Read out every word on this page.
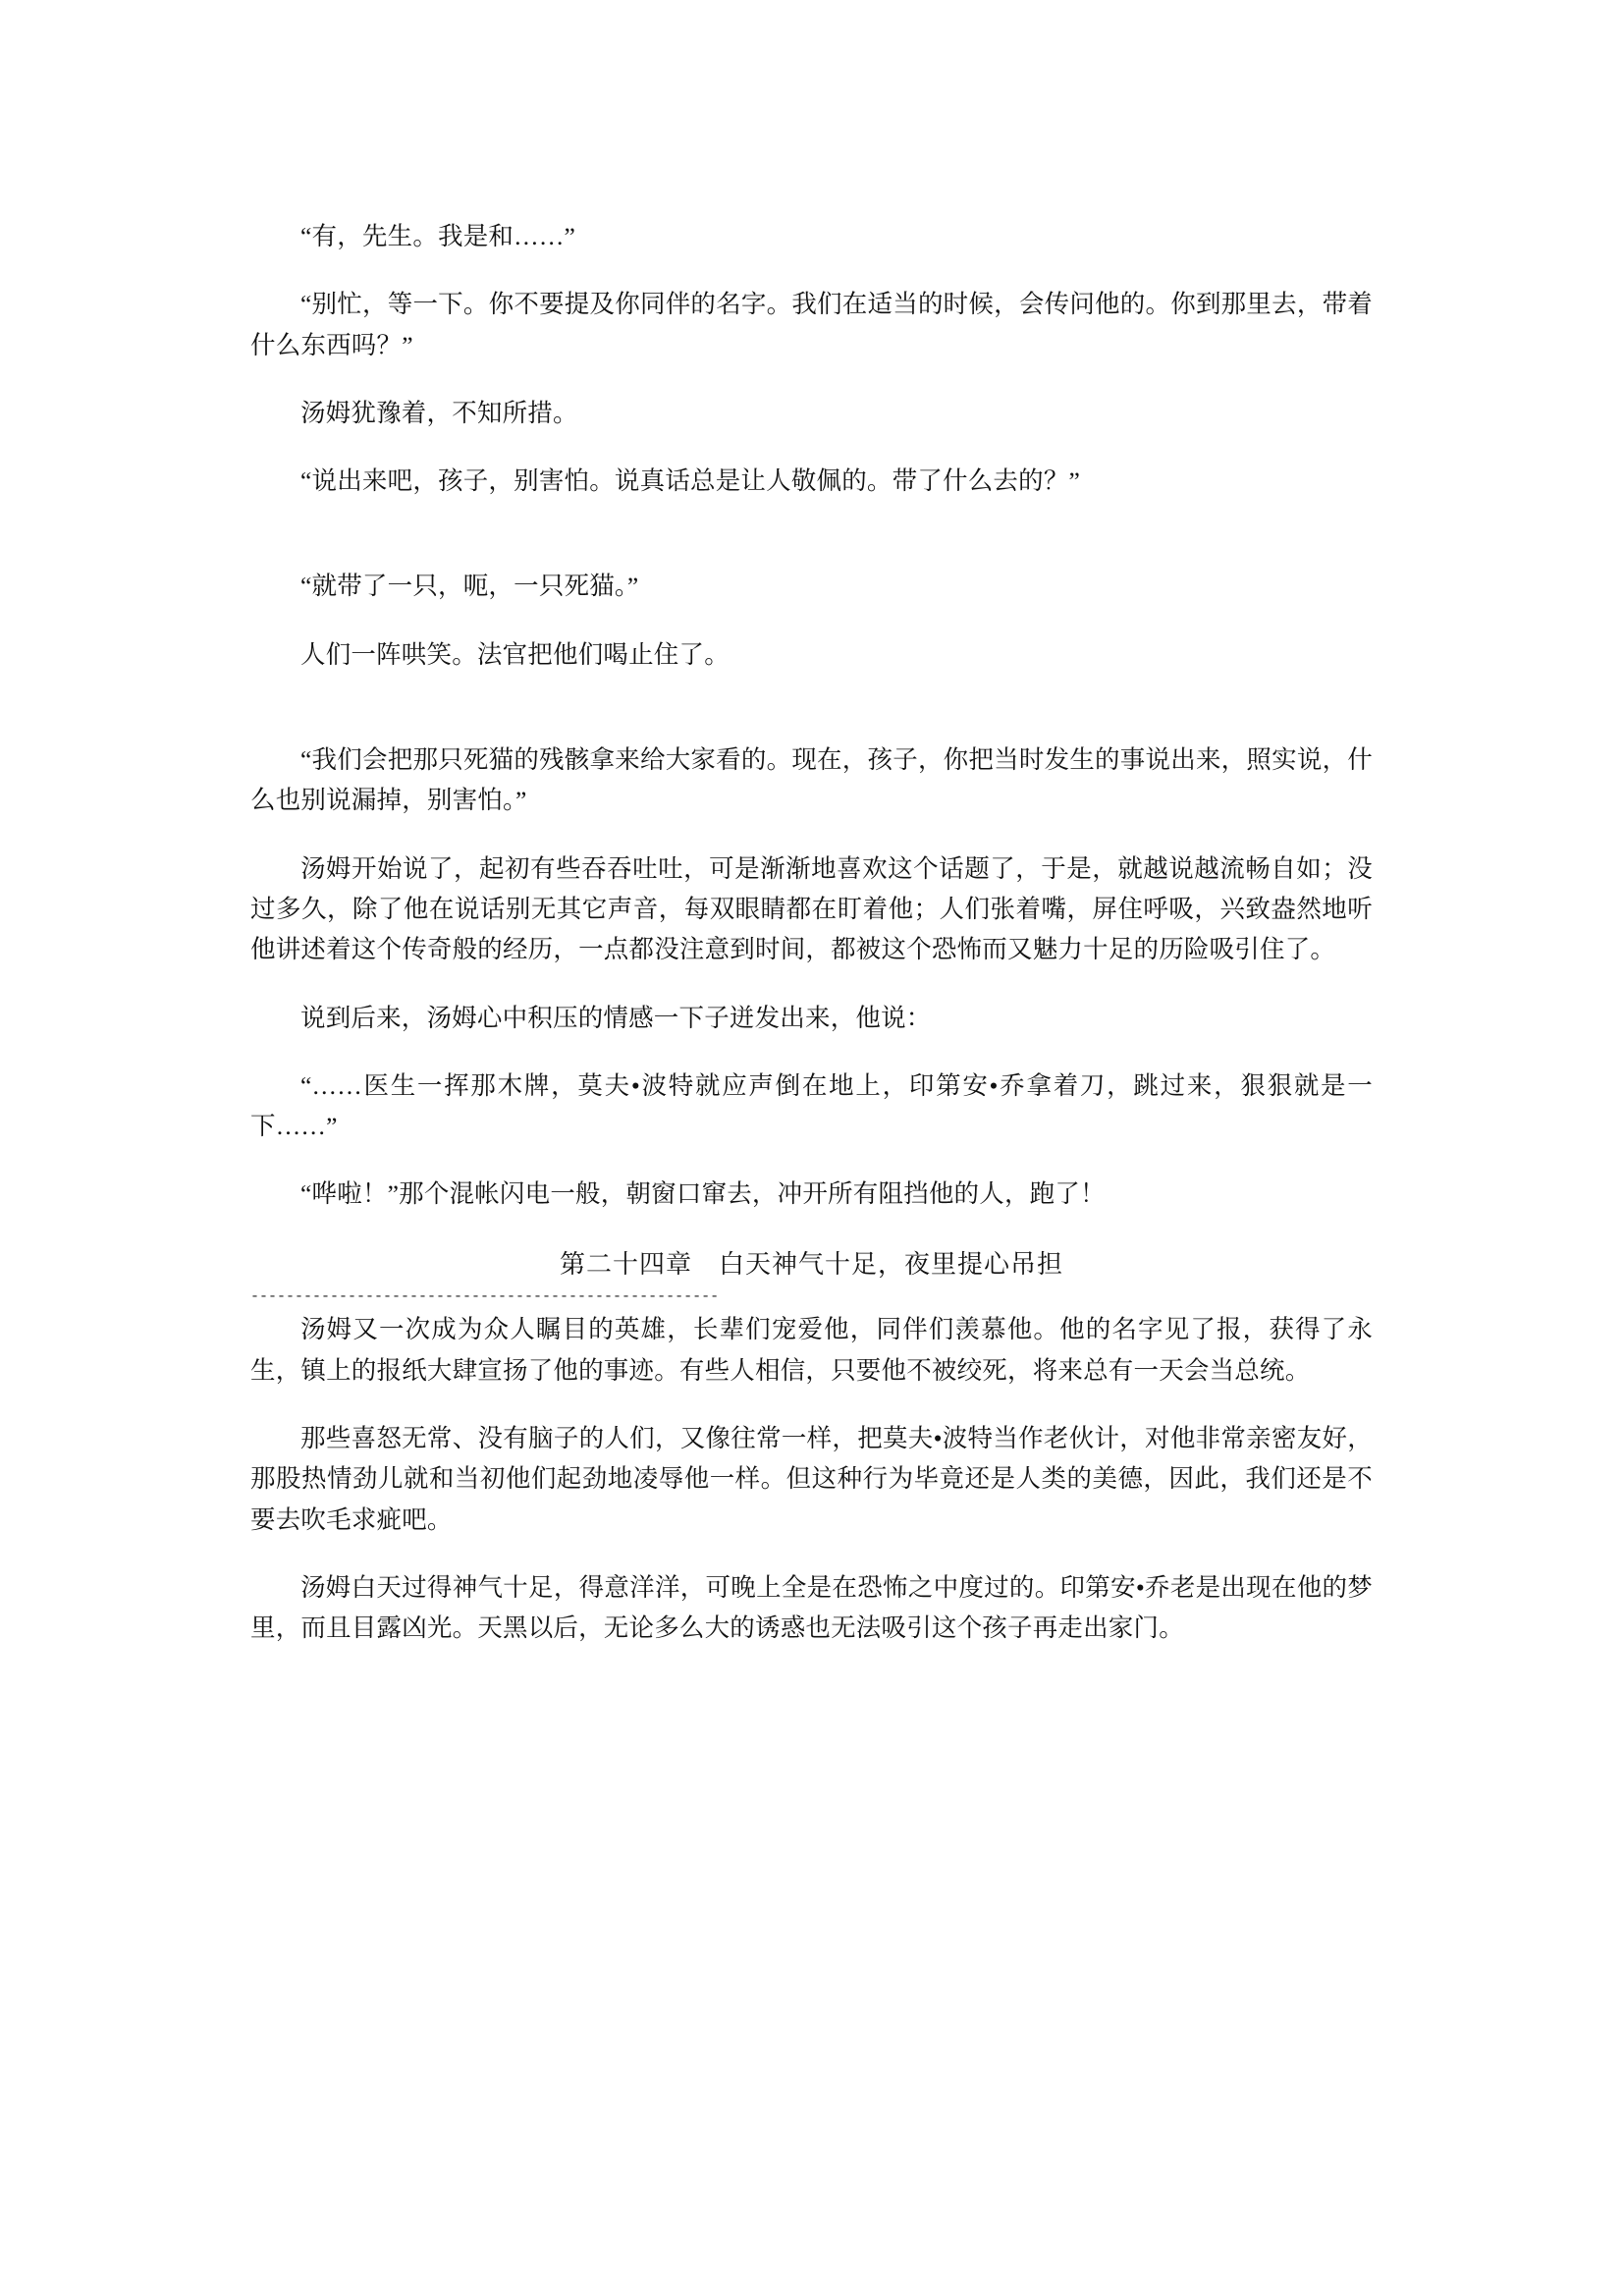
“有，先生。我是和……”

“别忙，等一下。你不要提及你同伴的名字。我们在适当的时候，会传问他的。你到那里去，带着什么东西吗？”

汤姆犹豫着，不知所措。

“说出来吧，孩子，别害怕。说真话总是让人敬佩的。带了什么去的？”

“就带了一只，呃，一只死猫。”

人们一阵哄笑。法官把他们喝止住了。

“我们会把那只死猫的残骸拿来给大家看的。现在，孩子，你把当时发生的事说出来，照实说，什么也别说漏掉，别害怕。”

汤姆开始说了，起初有些吞吞吐吐，可是渐渐地喜欢这个话题了，于是，就越说越流畅自如；没过多久，除了他在说话别无其它声音，每双眼睛都在盯着他；人们张着嘴，屏住呼吸，兴致盎然地听他讲述着这个传奇般的经历，一点都没注意到时间，都被这个恐怖而又魅力十足的历险吸引住了。

说到后来，汤姆心中积压的情感一下子迸发出来，他说：

“……医生一挥那木牌，莫夫•波特就应声倒在地上，印第安•乔拿着刀，跳过来，狠狠就是一下……”

“哗啦！”那个混帐闪电一般，朝窗口窜去，冲开所有阻挡他的人，跑了！

第二十四章　白天神气十足，夜里提心吊担
-----------------------------------------------------

汤姆又一次成为众人瞩目的英雄，长辈们宠爱他，同伴们羡慕他。他的名字见了报，获得了永生，镇上的报纸大肆宣扬了他的事迹。有些人相信，只要他不被绞死，将来总有一天会当总统。

那些喜怒无常、没有脑子的人们，又像往常一样，把莫夫•波特当作老伙计，对他非常亲密友好，那股热情劲儿就和当初他们起劲地凌辱他一样。但这种行为毕竟还是人类的美德，因此，我们还是不要去吹毛求疵吧。

汤姆白天过得神气十足，得意洋洋，可晚上全是在恐怖之中度过的。印第安•乔老是出现在他的梦里，而且目露凶光。天黑以后，无论多么大的诱惑也无法吸引这个孩子再走出家门。
